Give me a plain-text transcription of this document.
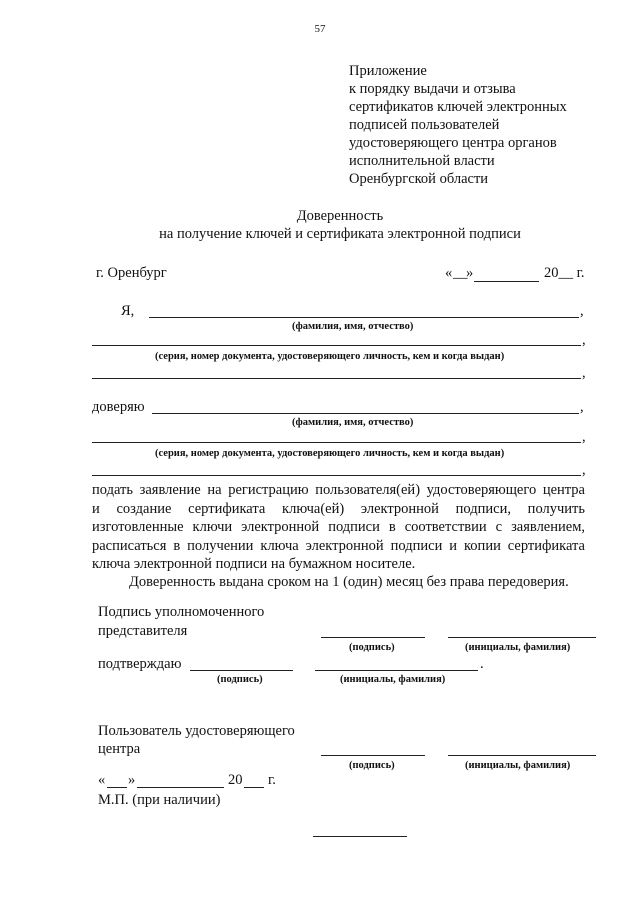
57
Приложение
к порядку выдачи и отзыва
сертификатов ключей электронных
подписей пользователей
удостоверяющего центра органов
исполнительной власти
Оренбургской области
Доверенность
на получение ключей и сертификата электронной подписи
г. Оренбург	« __
»	20__ г.
Я,	,
(фамилия, имя, отчество)
,
(серия, номер документа, удостоверяющего личность, кем и когда выдан)
,
доверяю	,
(фамилия, имя, отчество)
,
(серия, номер документа, удостоверяющего личность, кем и когда выдан)
,
подать заявление на регистрацию пользователя(ей) удостоверяющего центра
и создание сертификата ключа(ей) электронной подписи, получить
изготовленные ключи электронной подписи в соответствии с заявлением,
расписаться в получении ключа электронной подписи и копии сертификата
ключа электронной подписи на бумажном носителе.
Доверенность выдана сроком на 1 (один) месяц без права передоверия.
Подпись уполномоченного
представителя
(подпись)	(инициалы, фамилия)
подтверждаю	.
(подпись)	(инициалы, фамилия)
Пользователь удостоверяющего
центра
(подпись)	(инициалы, фамилия)
« »	20 г.
М.П. (при наличии)
